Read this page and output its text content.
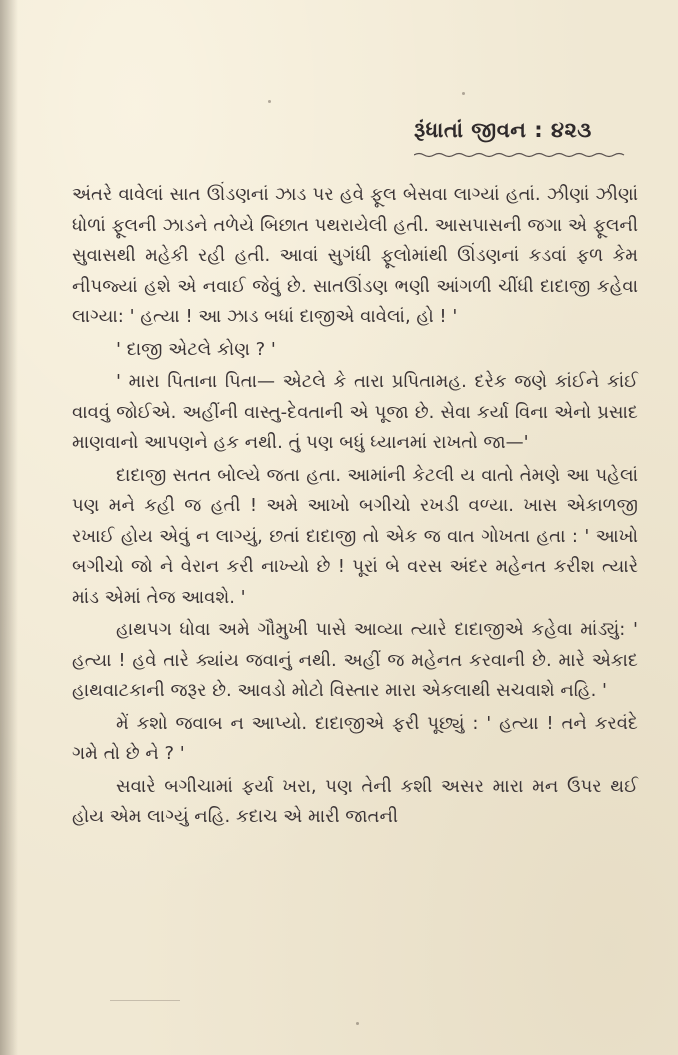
રૂંધાતાં જીવન : ૪૨૩

અંતરે વાવેલાં સાત ઊંડણનાં ઝાડ પર હવે ફૂલ બેસવા લાગ્યાં હતાં. ઝીણાં ઝીણાં ધોળાં ફૂલની ઝાડને તળેયે બિછાત પથરાયેલી હતી. આસપાસની જગા એ ફૂલની સુવાસથી મહેકી રહી હતી. આવાં સુગંધી ફૂલોમાંથી ઊંડણનાં કડવાં ફળ કેમ નીપજ્યાં હશે એ નવાઈ જેવું છે. સાતઊંડણ ભણી આંગળી ચીંધી દાદાજી કહેવા લાગ્યા: ' હત્યા ! આ ઝાડ બધાં દાજીએ વાવેલાં, હો ! '

' દાજી એટલે કોણ ? '

' મારા પિતાના પિતા— એટલે કે તારા પ્રપિતામહ. દરેક જણે કાંઈને કાંઈ વાવવું જોઈએ. અહીંની વાસ્તુ-દેવતાની એ પૂજા છે. સેવા કર્યા વિના એનો પ્રસાદ માણવાનો આપણને હક નથી. તું પણ બધું ધ્યાનમાં રાખતો જા—'

દાદાજી સતત બોલ્યે જતા હતા. આમાંની કેટલી ય વાતો તેમણે આ પહેલાં પણ મને કહી જ હતી ! અમે આખો બગીચો રખડી વળ્યા. ખાસ એકાળજી રખાઈ હોય એવું ન લાગ્યું, છતાં દાદાજી તો એક જ વાત ગોખતા હતા : ' આખો બગીચો જો ને વેરાન કરી નાખ્યો છે ! પૂરાં બે વરસ અંદર મહેનત કરીશ ત્યારે માંડ એમાં તેજ આવશે. '

હાથપગ ધોવા અમે ગૌમુખી પાસે આવ્યા ત્યારે દાદાજીએ કહેવા માંડ્યું: ' હત્યા ! હવે તારે ક્યાંય જવાનું નથી. અહીં જ મહેનત કરવાની છે. મારે એકાદ હાથવાટકાની જરૂર છે. આવડો મોટો વિસ્તાર મારા એકલાથી સચવાશે નહિ. '

મેં કશો જવાબ ન આપ્યો. દાદાજીએ ફરી પૂછ્યું : ' હત્યા ! તને કરવંદે ગમે તો છે ને ? '

સવારે બગીચામાં ફર્યા ખરા, પણ તેની કશી અસર મારા મન ઉપર થઈ હોય એમ લાગ્યું નહિ. કદાચ એ મારી જાતની
